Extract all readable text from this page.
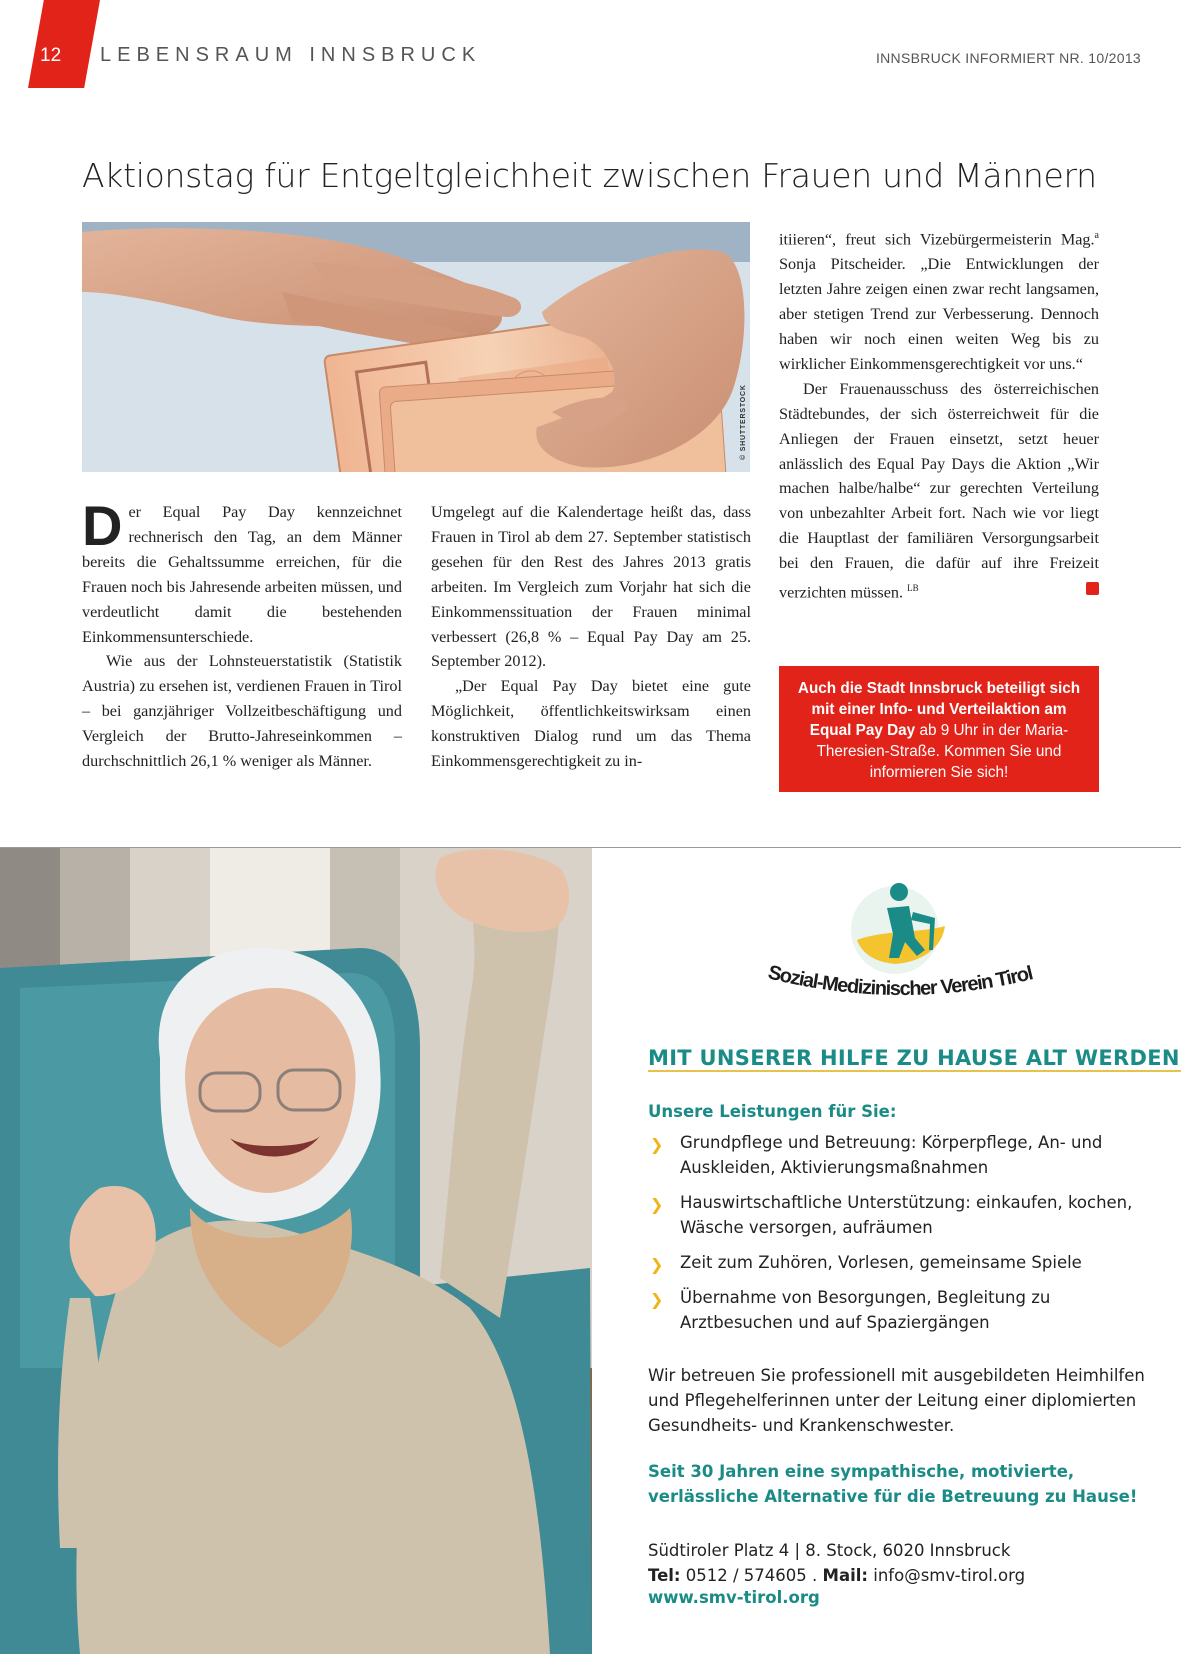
12 LEBENSRAUM INNSBRUCK	INNSBRUCK INFORMIERT NR. 10/2013
Aktionstag für Entgeltgleichheit zwischen Frauen und Männern
© SHUTTERSTOCK

Der Equal Pay Day kennzeichnet rechnerisch den Tag, an dem Männer bereits die Gehaltssumme erreichen, für die Frauen noch bis Jahresende arbeiten müssen, und verdeutlicht damit die bestehenden Einkommensunterschiede.

Wie aus der Lohnsteuerstatistik (Statistik Austria) zu ersehen ist, verdienen Frauen in Tirol – bei ganzjähriger Vollzeitbeschäftigung und Vergleich der Brutto-Jahreseinkommen – durchschnittlich 26,1 % weniger als Männer.

Umgelegt auf die Kalendertage heißt das, dass Frauen in Tirol ab dem 27. September statistisch gesehen für den Rest des Jahres 2013 gratis arbeiten. Im Vergleich zum Vorjahr hat sich die Einkommenssituation der Frauen minimal verbessert (26,8 % – Equal Pay Day am 25. September 2012).

„Der Equal Pay Day bietet eine gute Möglichkeit, öffentlichkeitswirksam einen konstruktiven Dialog rund um das Thema Einkommensgerechtigkeit zu in-

itiieren“, freut sich Vizebürgermeisterin Mag.$^a$ Sonja Pitscheider. „Die Entwicklungen der letzten Jahre zeigen einen zwar recht langsamen, aber stetigen Trend zur Verbesserung. Dennoch haben wir noch einen weiten Weg bis zu wirklicher Einkommensgerechtigkeit vor uns.“

Der Frauenausschuss des österreichischen Städtebundes, der sich österreichweit für die Anliegen der Frauen einsetzt, setzt heuer anlässlich des Equal Pay Days die Aktion „Wir machen halbe/halbe“ zur gerechten Verteilung von unbezahlter Arbeit fort. Nach wie vor liegt die Hauptlast der familiären Versorgungsarbeit bei den Frauen, die dafür auf ihre Freizeit verzichten müssen. $^{LB}$

Auch die Stadt Innsbruck beteiligt sich mit einer Info- und Verteilaktion am Equal Pay Day ab 9 Uhr in der Maria-Theresien-Straße. Kommen Sie und informieren Sie sich!
Sozial-Medizinischer Verein Tirol
MIT UNSERER HILFE ZU HAUSE ALT WERDEN
Unsere Leistungen für Sie:
❯ Grundpflege und Betreuung: Körperpflege, An- und Auskleiden, Aktivierungsmaßnahmen
❯ Hauswirtschaftliche Unterstützung: einkaufen, kochen, Wäsche versorgen, aufräumen
❯ Zeit zum Zuhören, Vorlesen, gemeinsame Spiele
❯ Übernahme von Besorgungen, Begleitung zu Arztbesuchen und auf Spaziergängen

Wir betreuen Sie professionell mit ausgebildeten Heimhilfen und Pflegehelferinnen unter der Leitung einer diplomierten Gesundheits- und Krankenschwester.

Seit 30 Jahren eine sympathische, motivierte, verlässliche Alternative für die Betreuung zu Hause!

Südtiroler Platz 4 | 8. Stock, 6020 Innsbruck
Tel: 0512 / 574605 . Mail: info@smv-tirol.org
www.smv-tirol.org
